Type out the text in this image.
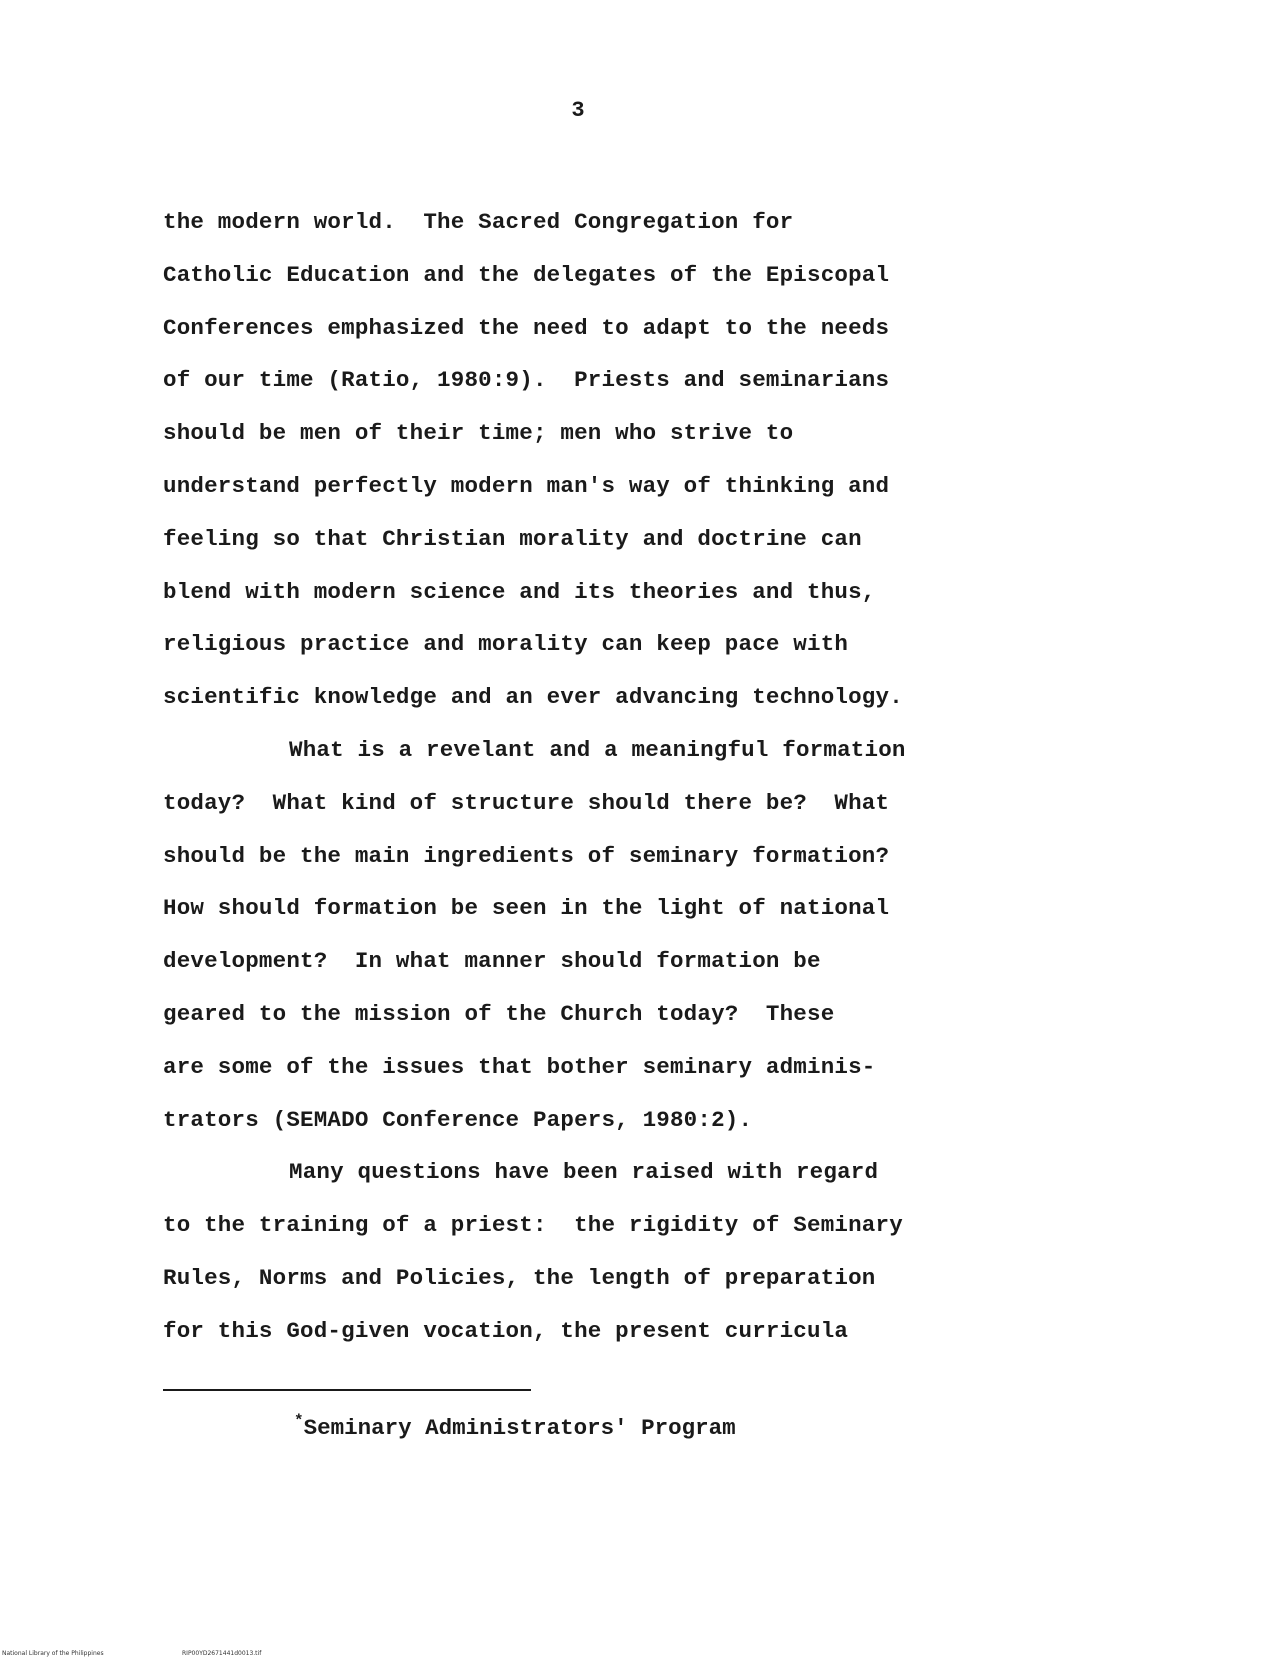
3
the modern world.  The Sacred Congregation for
Catholic Education and the delegates of the Episcopal
Conferences emphasized the need to adapt to the needs
of our time (Ratio, 1980:9).  Priests and seminarians
should be men of their time; men who strive to
understand perfectly modern man's way of thinking and
feeling so that Christian morality and doctrine can
blend with modern science and its theories and thus,
religious practice and morality can keep pace with
scientific knowledge and an ever advancing technology.
What is a revelant and a meaningful formation
today?  What kind of structure should there be?  What
should be the main ingredients of seminary formation?
How should formation be seen in the light of national
development?  In what manner should formation be
geared to the mission of the Church today?  These
are some of the issues that bother seminary adminis-
trators (SEMADO Conference Papers, 1980:2).
Many questions have been raised with regard
to the training of a priest:  the rigidity of Seminary
Rules, Norms and Policies, the length of preparation
for this God-given vocation, the present curricula
*Seminary Administrators' Program
National Library of the Philippines	RIP00YD2671441d0013.tif
